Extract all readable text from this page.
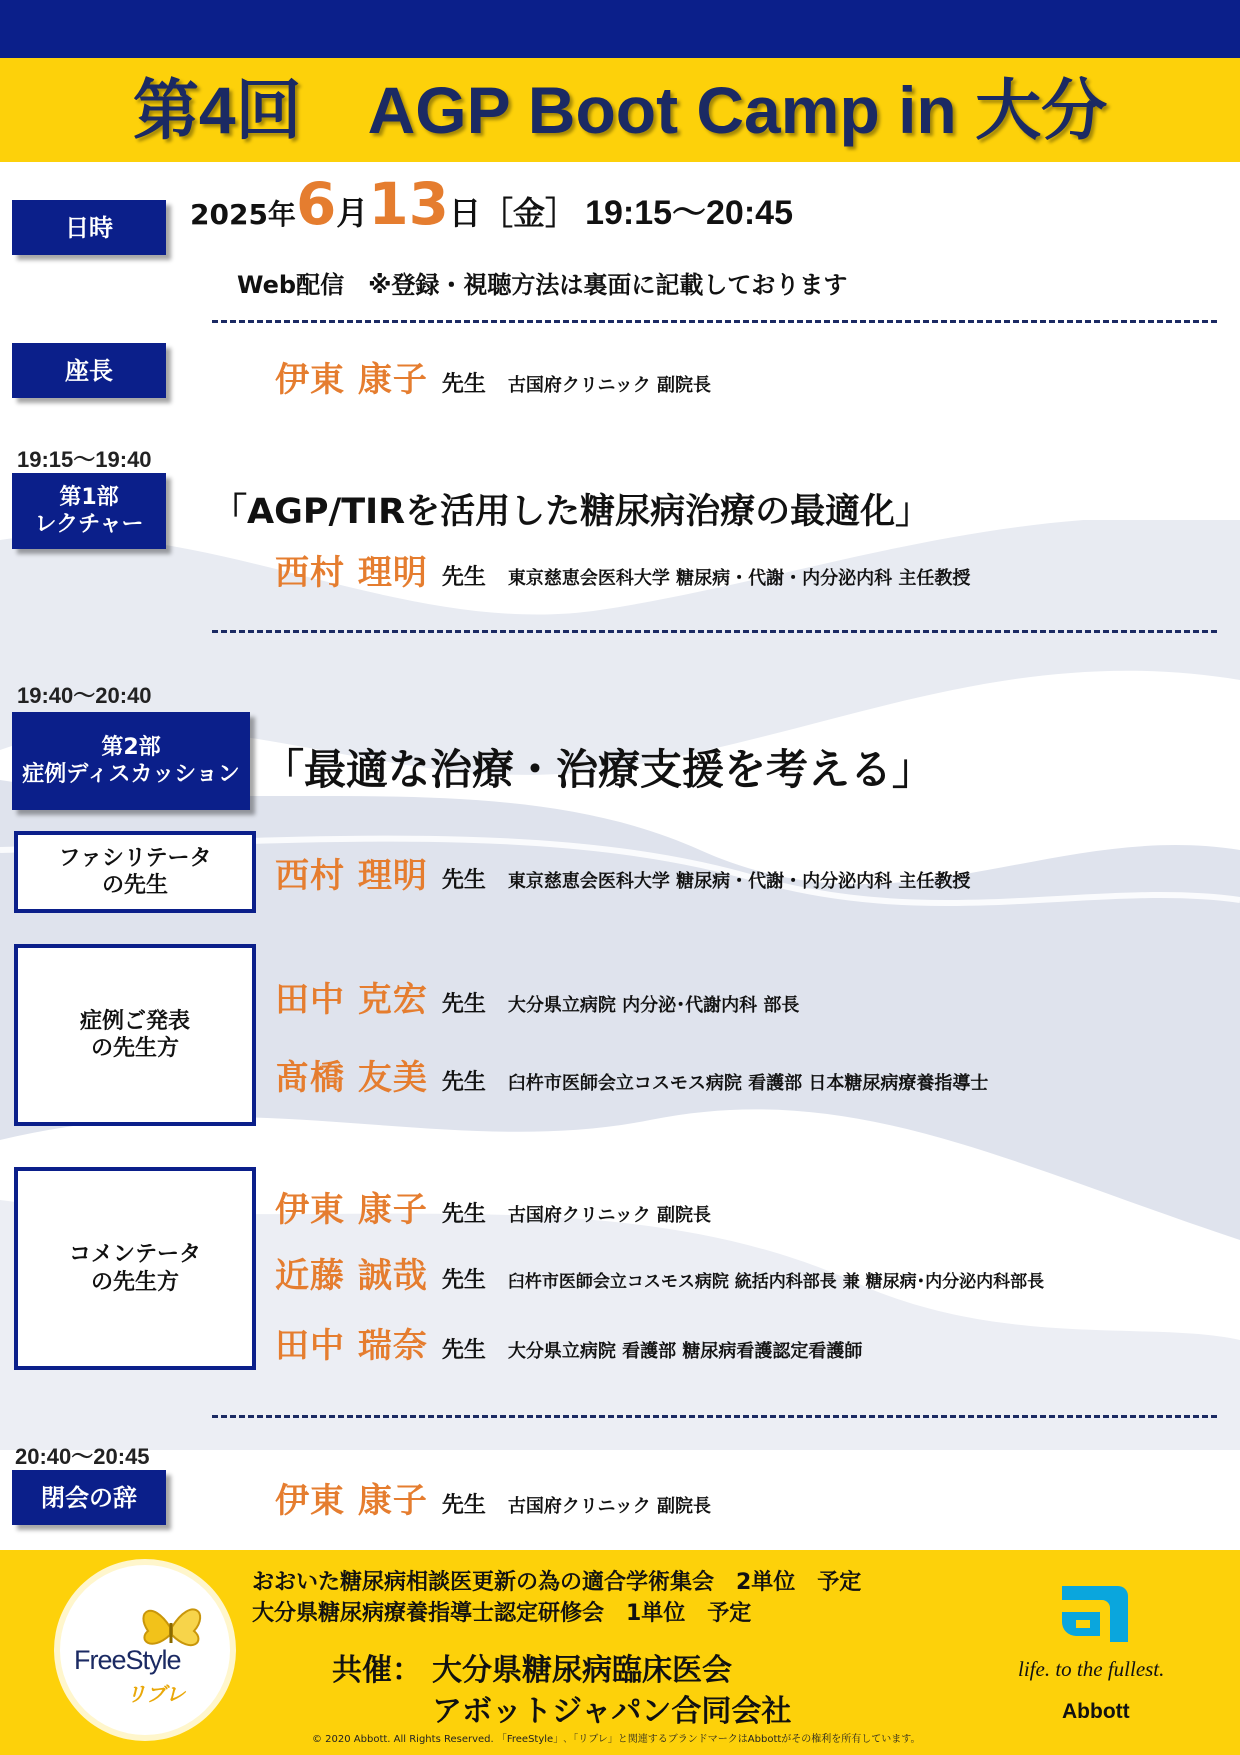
第4回　AGP Boot Camp in 大分
日時	2025年6月13日［金］ 19:15～20:45
Web配信　※登録・視聴方法は裏面に記載しております
座長	伊東 康子 先生 古国府クリニック 副院長
19:15～19:40
第1部
レクチャー 「AGP/TIRを活用した糖尿病治療の最適化」
西村 理明 先生 東京慈恵会医科大学 糖尿病・代謝・内分泌内科 主任教授
19:40～20:40
第2部
症例ディスカッション 「最適な治療・治療支援を考える」
ファシリテータ
の先生	西村 理明 先生 東京慈恵会医科大学 糖尿病・代謝・内分泌内科 主任教授
症例ご発表
の先生方
田中 克宏 先生 大分県立病院 内分泌･代謝内科 部長
髙橋 友美 先生 臼杵市医師会立コスモス病院 看護部 日本糖尿病療養指導士
コメンテータ
の先生方
伊東 康子 先生 古国府クリニック 副院長
近藤 誠哉 先生 臼杵市医師会立コスモス病院 統括内科部長 兼 糖尿病･内分泌内科部長
田中 瑞奈 先生 大分県立病院 看護部 糖尿病看護認定看護師
20:40～20:45
閉会の辞	伊東 康子 先生 古国府クリニック 副院長
FreeStyle
リブレ
おおいた糖尿病相談医更新の為の適合学術集会　2単位　予定
大分県糖尿病療養指導士認定研修会　1単位　予定
共催： 大分県糖尿病臨床医会
アボットジャパン合同会社
life. to the fullest.
Abbott
© 2020 Abbott. All Rights Reserved. 「FreeStyle」､「リブレ」と関連するブランドマークはAbbottがその権利を所有しています。
